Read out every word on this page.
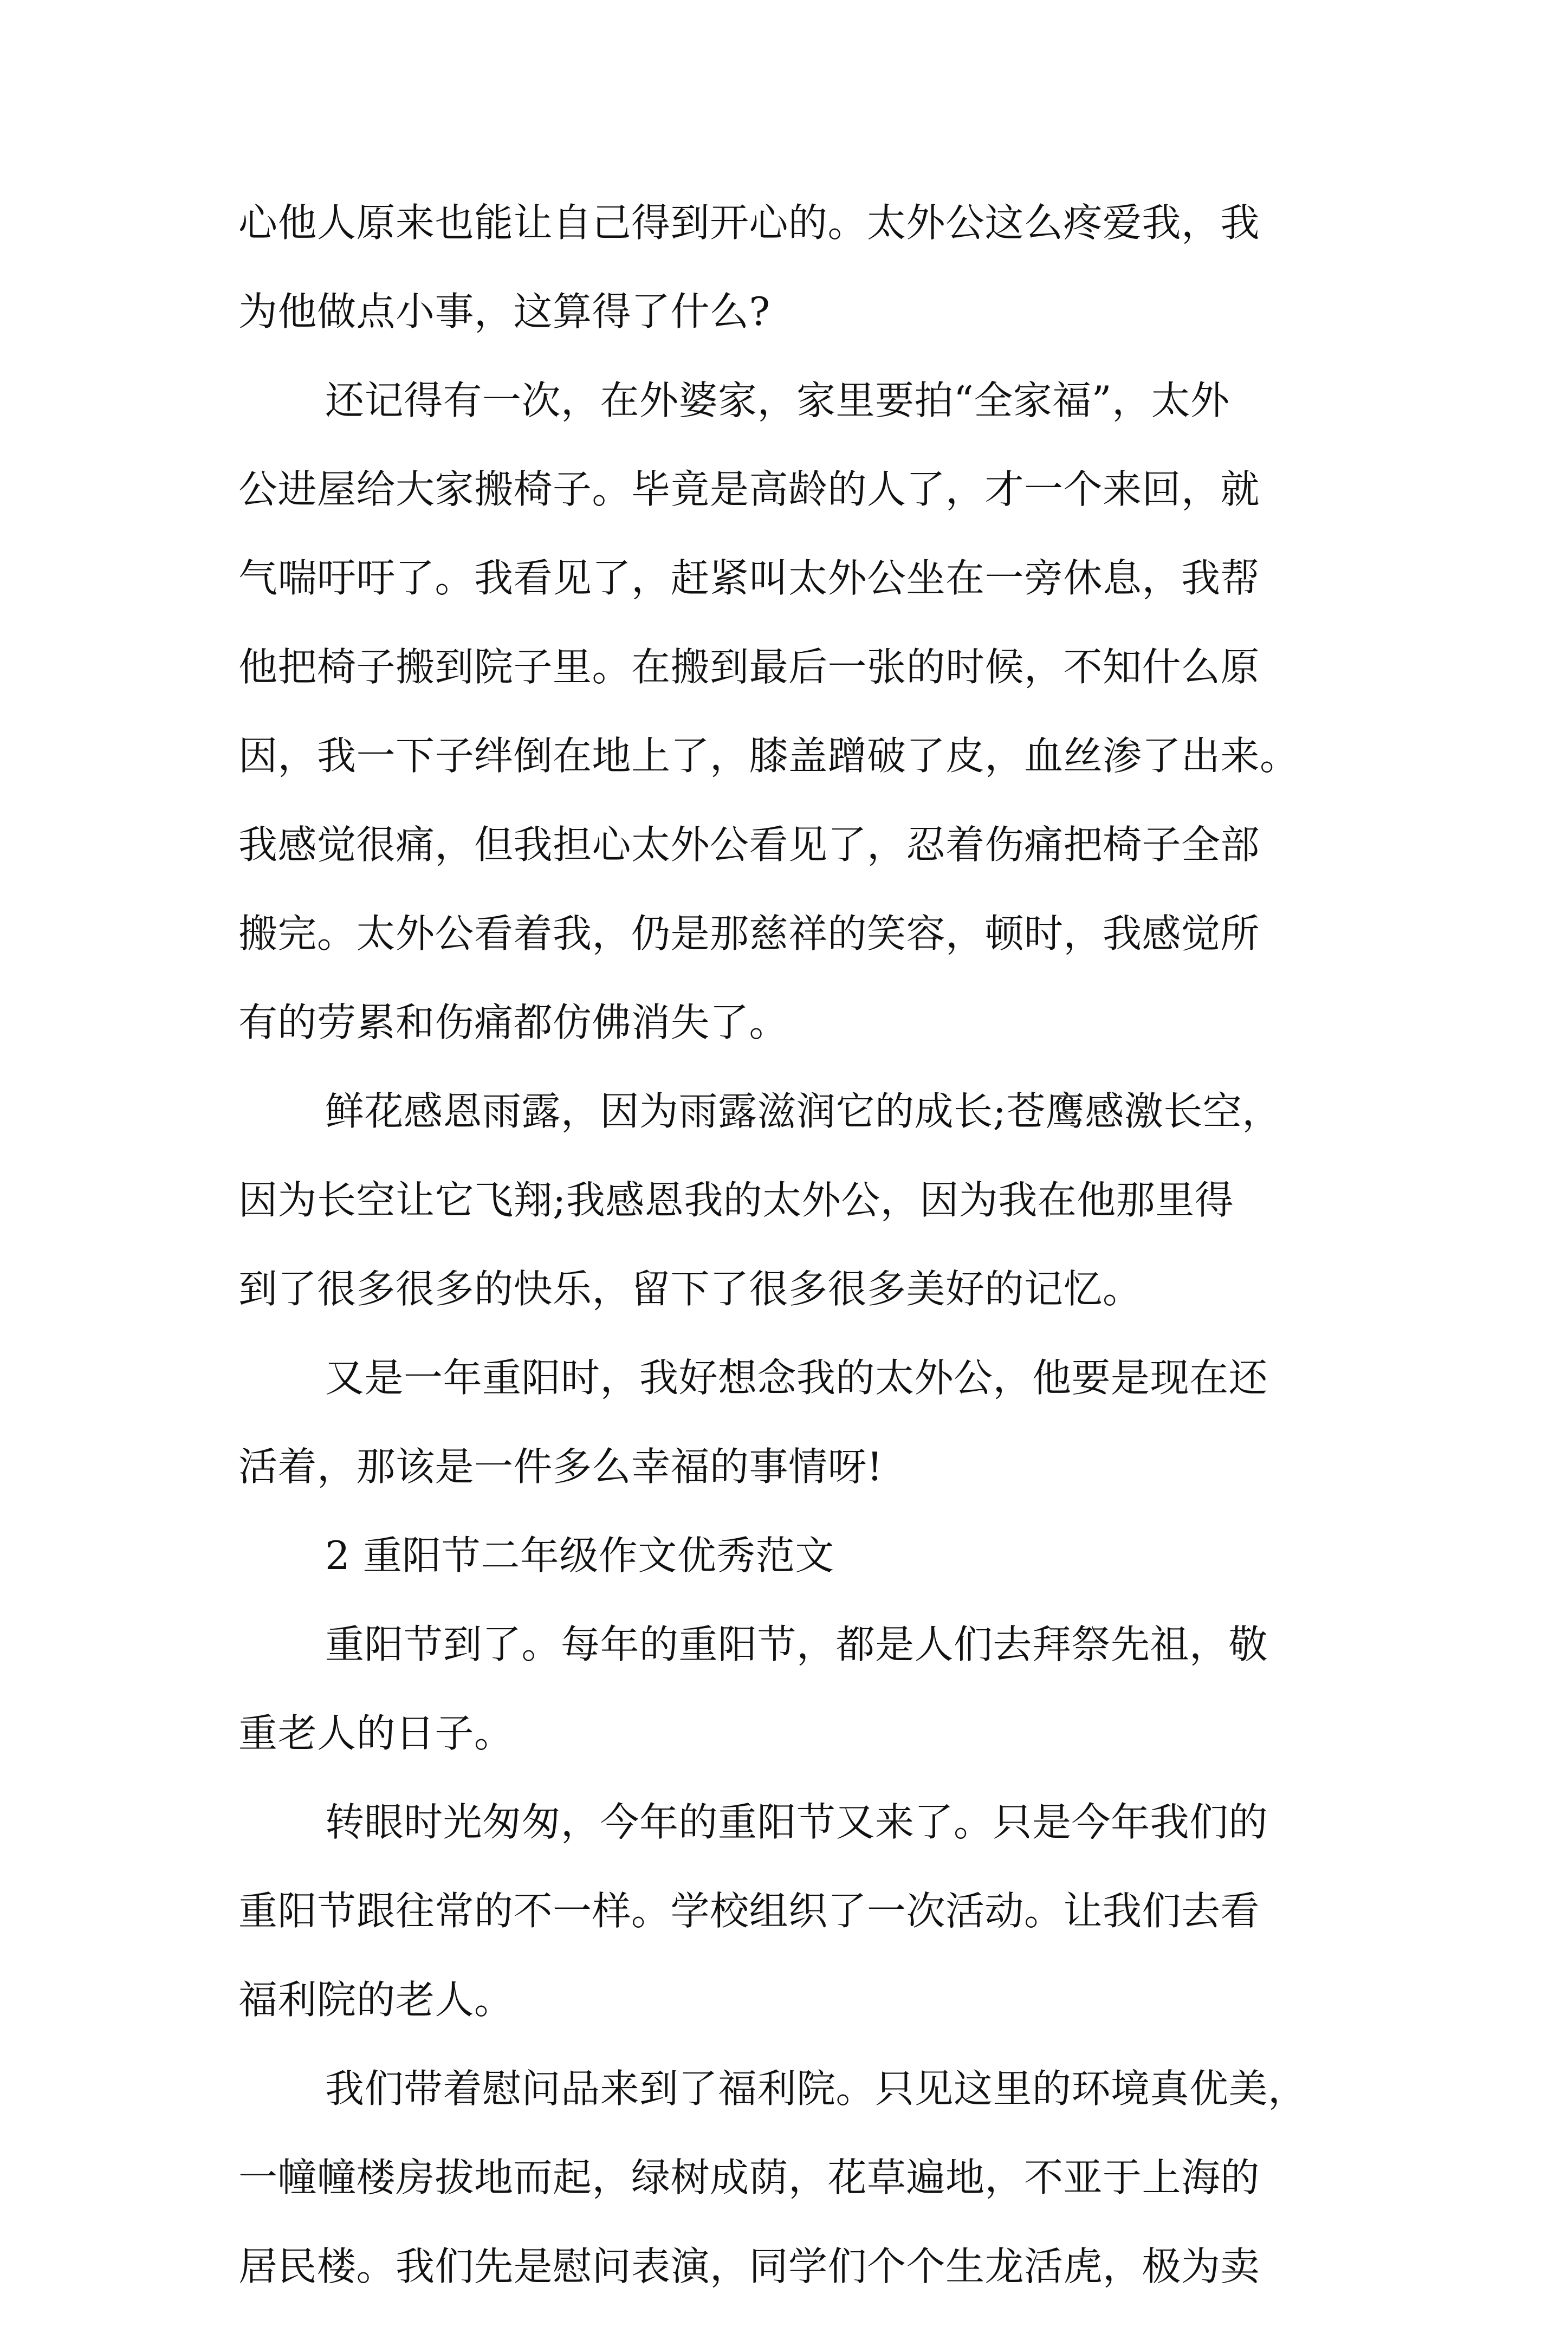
心他人原来也能让自己得到开心的。太外公这么疼爱我，我
为他做点小事，这算得了什么?
还记得有一次，在外婆家，家里要拍“全家福”，太外
公进屋给大家搬椅子。毕竟是高龄的人了，才一个来回，就
气喘吁吁了。我看见了，赶紧叫太外公坐在一旁休息，我帮
他把椅子搬到院子里。在搬到最后一张的时候，不知什么原
因，我一下子绊倒在地上了，膝盖蹭破了皮，血丝渗了出来。
我感觉很痛，但我担心太外公看见了，忍着伤痛把椅子全部
搬完。太外公看着我，仍是那慈祥的笑容，顿时，我感觉所
有的劳累和伤痛都仿佛消失了。
鲜花感恩雨露，因为雨露滋润它的成长;苍鹰感激长空，
因为长空让它飞翔;我感恩我的太外公，因为我在他那里得
到了很多很多的快乐，留下了很多很多美好的记忆。
又是一年重阳时，我好想念我的太外公，他要是现在还
活着，那该是一件多么幸福的事情呀!
2 重阳节二年级作文优秀范文
重阳节到了。每年的重阳节，都是人们去拜祭先祖，敬
重老人的日子。
转眼时光匆匆，今年的重阳节又来了。只是今年我们的
重阳节跟往常的不一样。学校组织了一次活动。让我们去看
福利院的老人。
我们带着慰问品来到了福利院。只见这里的环境真优美，
一幢幢楼房拔地而起，绿树成荫，花草遍地，不亚于上海的
居民楼。我们先是慰问表演，同学们个个生龙活虎，极为卖
